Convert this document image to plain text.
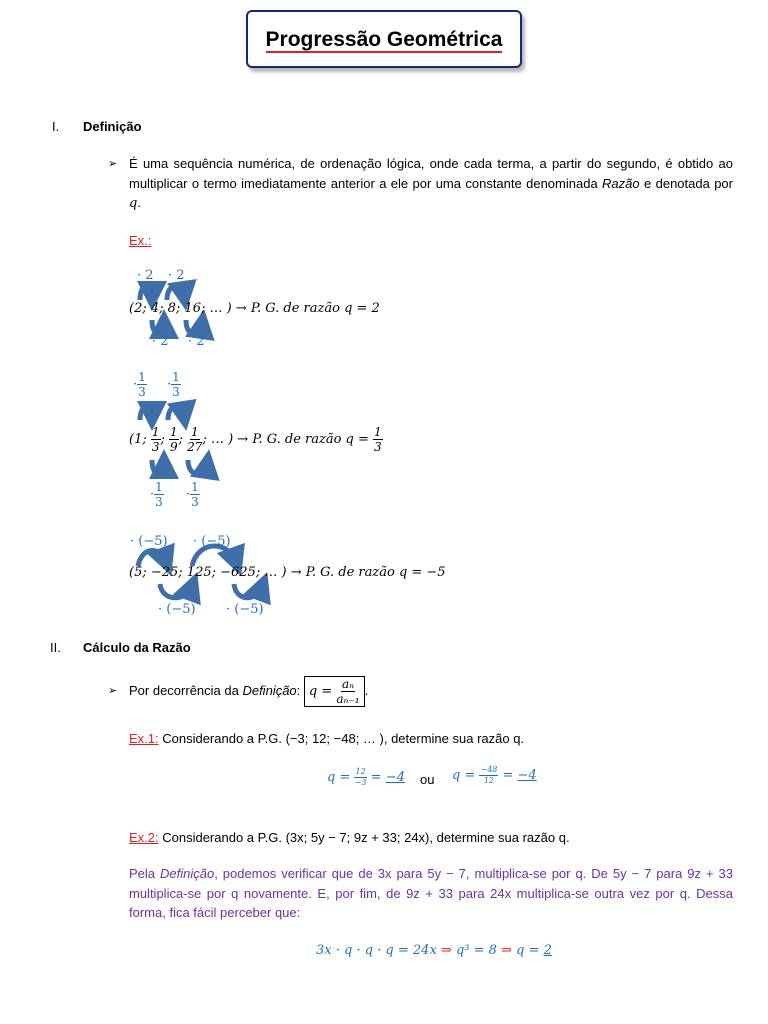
Progressão Geométrica
I. Definição
➢ É uma sequência numérica, de ordenação lógica, onde cada terma, a partir do segundo, é obtido ao multiplicar o termo imediatamente anterior a ele por uma constante denominada Razão e denotada por q.
Ex.:
· 2 · 2
(2; 4; 8; 16; … ) → P. G. de razão q = 2
· 2 · 2
· $\frac{1}{3} \cdot \frac{1}{3}$
(1; $\frac{1}{3}$ ; $\frac{1}{9}$ ; $\frac{1}{27}$ ; … ) → P. G. de razão $q = \frac{1}{3}$
· $\frac{1}{3} \cdot \frac{1}{3}$
· (−5) · (−5)
(5; −25; 125; −625; … ) → P. G. de razão q = −5
· (−5) · (−5)
II. Cálculo da Razão
➢ Por decorrência da Definição: $q = \frac{\text{aₙ}}{\text{aₙ₋₁}}$ .
Ex.1: Considerando a P.G. (−3; 12; −48; … ), determine sua razão q.
$q = \frac{12}{-3} = -4$ ou $q = \frac{-48}{12} = -4$
Ex.2: Considerando a P.G. (3x; 5y − 7; 9z + 33; 24x), determine sua razão q.
Pela Definição, podemos verificar que de 3x para 5y − 7, multiplica-se por q. De 5y − 7 para 9z + 33 multiplica-se por q novamente. E, por fim, de 9z + 33 para 24x multiplica-se outra vez por q. Dessa forma, fica fácil perceber que:
3x · q · q · q = 24x ⇒ q³ = 8 ⇒ q = 2
